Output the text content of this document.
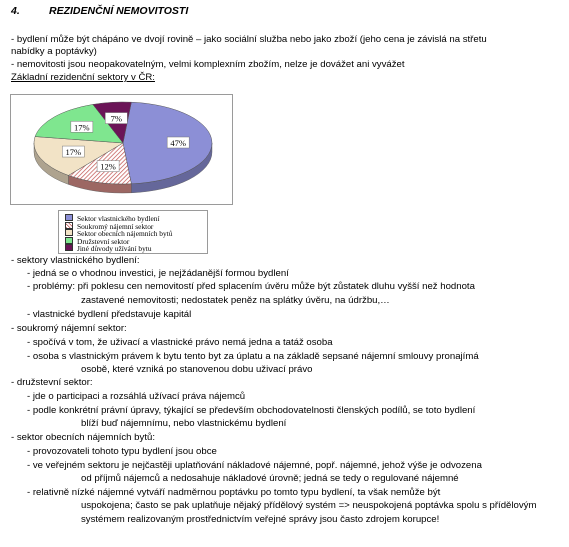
4.	REZIDENČNÍ NEMOVITOSTI
- bydlení může být chápáno ve dvojí rovině – jako sociální služba nebo jako zboží (jeho cena je závislá na střetu
nabídky a poptávky)
- nemovitosti jsou neopakovatelným, velmi komplexním zbožím, nelze je dovážet ani vyvážet
Základní rezidenční sektory v ČR:
47%
12%
17%
17%
7%
Sektor vlastnického bydlení
Soukromý nájemní sektor
Sektor obecních nájemních bytů
Družstevní sektor
Jiné důvody užívání bytu
- sektory vlastnického bydlení:
- jedná se o vhodnou investici, je nejžádanější formou bydlení
- problémy: při poklesu cen nemovitostí před splacením úvěru může být zůstatek dluhu vyšší než hodnota
zastavené nemovitosti; nedostatek peněz na splátky úvěru, na údržbu,…
- vlastnické bydlení představuje kapitál
- soukromý nájemní sektor:
- spočívá v tom, že uživací a vlastnické právo nemá jedna a tatáž osoba
- osoba s vlastnickým právem k bytu tento byt za úplatu a na základě sepsané nájemní smlouvy pronajímá
osobě, které vzniká po stanovenou dobu uživací právo
- družstevní sektor:
- jde o participaci a rozsáhlá užívací práva nájemců
- podle konkrétní právní úpravy, týkající se především obchodovatelnosti členských podílů, se toto bydlení
blíží buď nájemnímu, nebo vlastnickému bydlení
- sektor obecních nájemních bytů:
- provozovateli tohoto typu bydlení jsou obce
- ve veřejném sektoru je nejčastěji uplatňování nákladové nájemné, popř. nájemné, jehož výše je odvozena
od příjmů nájemců a nedosahuje nákladové úrovně; jedná se tedy o regulované nájemné
- relativně nízké nájemné vytváří nadměrnou poptávku po tomto typu bydlení, ta však nemůže být
uspokojena; často se pak uplatňuje nějaký přídělový systém => neuspokojená poptávka spolu s přídělovým
systémem realizovaným prostřednictvím veřejné správy jsou často zdrojem korupce!
